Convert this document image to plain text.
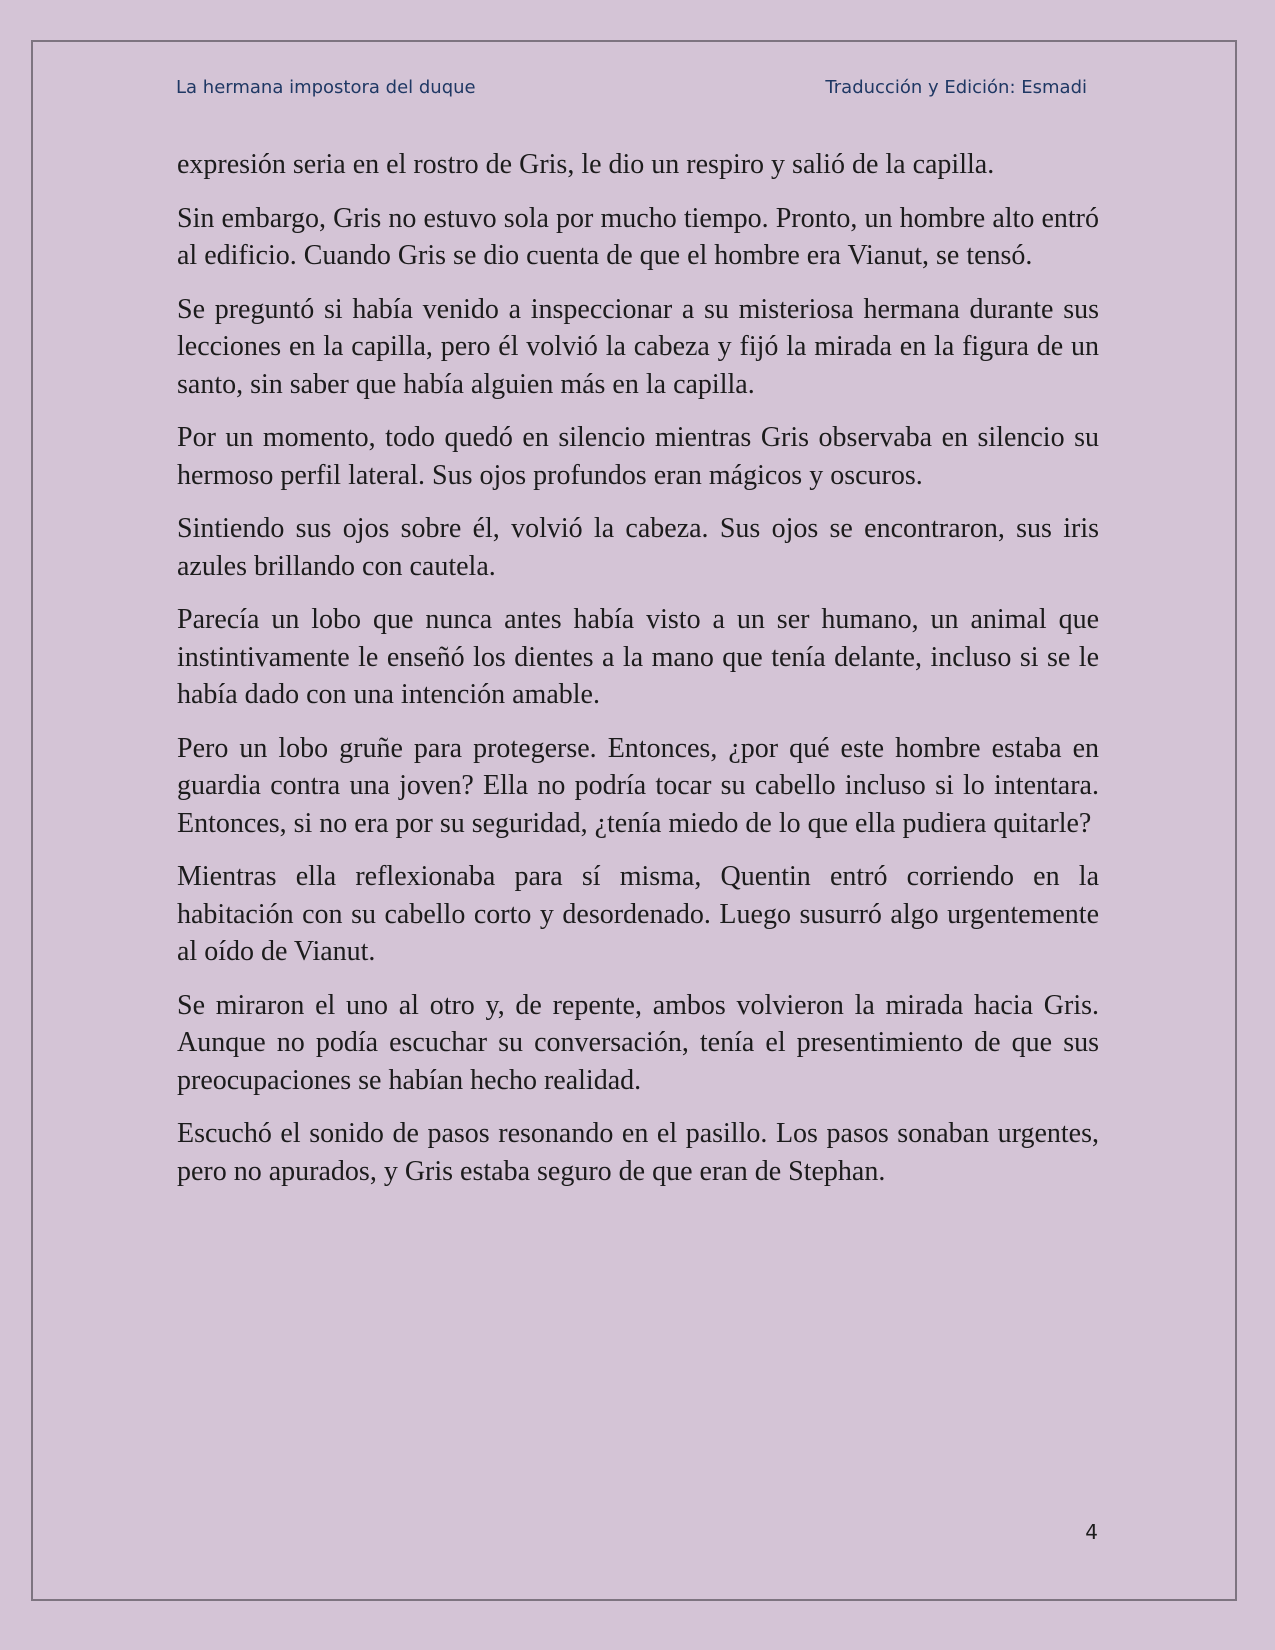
La hermana impostora del duque	Traducción y Edición: Esmadi

expresión seria en el rostro de Gris, le dio un respiro y salió de la capilla.

Sin embargo, Gris no estuvo sola por mucho tiempo. Pronto, un hombre alto entró al edificio. Cuando Gris se dio cuenta de que el hombre era Vianut, se tensó.

Se preguntó si había venido a inspeccionar a su misteriosa hermana durante sus lecciones en la capilla, pero él volvió la cabeza y fijó la mirada en la figura de un santo, sin saber que había alguien más en la capilla.

Por un momento, todo quedó en silencio mientras Gris observaba en silencio su hermoso perfil lateral. Sus ojos profundos eran mágicos y oscuros.

Sintiendo sus ojos sobre él, volvió la cabeza. Sus ojos se encontraron, sus iris azules brillando con cautela.

Parecía un lobo que nunca antes había visto a un ser humano, un animal que instintivamente le enseñó los dientes a la mano que tenía delante, incluso si se le había dado con una intención amable.

Pero un lobo gruñe para protegerse. Entonces, ¿por qué este hombre estaba en guardia contra una joven? Ella no podría tocar su cabello incluso si lo intentara. Entonces, si no era por su seguridad, ¿tenía miedo de lo que ella pudiera quitarle?

Mientras ella reflexionaba para sí misma, Quentin entró corriendo en la habitación con su cabello corto y desordenado. Luego susurró algo urgentemente al oído de Vianut.

Se miraron el uno al otro y, de repente, ambos volvieron la mirada hacia Gris. Aunque no podía escuchar su conversación, tenía el presentimiento de que sus preocupaciones se habían hecho realidad.

Escuchó el sonido de pasos resonando en el pasillo. Los pasos sonaban urgentes, pero no apurados, y Gris estaba seguro de que eran de Stephan.

4
